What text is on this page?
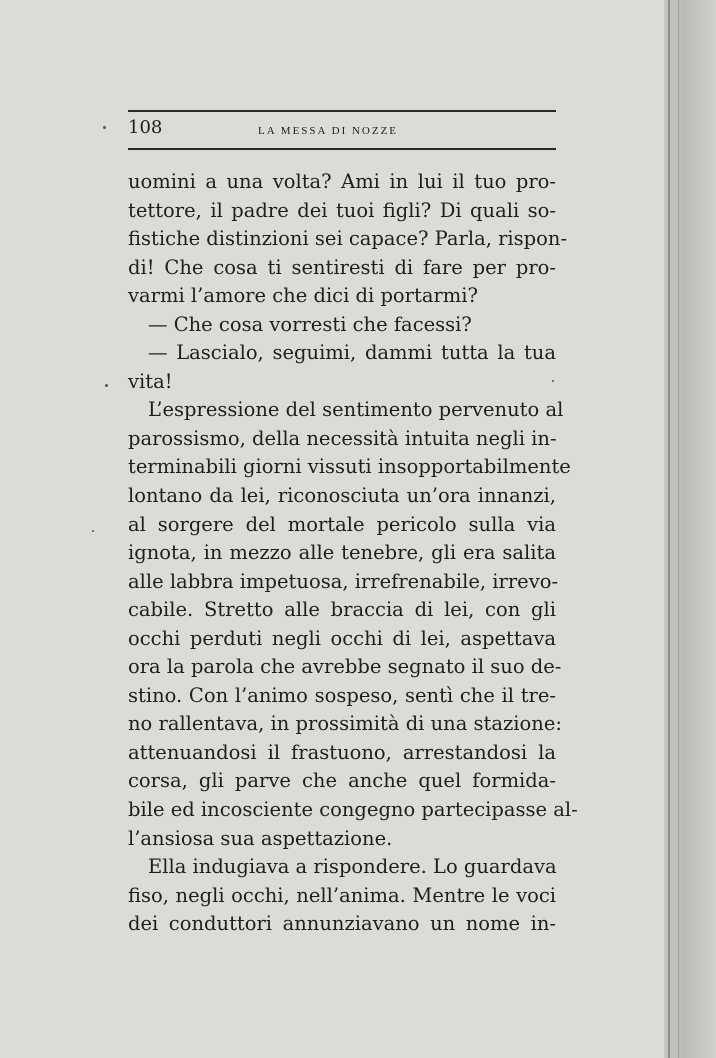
108	LA MESSA DI NOZZE
uomini a una volta? Ami in lui il tuo pro-
tettore, il padre dei tuoi figli? Di quali so-
fistiche distinzioni sei capace? Parla, rispon-
di! Che cosa ti sentiresti di fare per pro-
varmi l’amore che dici di portarmi?
— Che cosa vorresti che facessi?
— Lascialo, seguimi, dammi tutta la tua
vita!
L’espressione del sentimento pervenuto al
parossismo, della necessità intuita negli in-
terminabili giorni vissuti insopportabilmente
lontano da lei, riconosciuta un’ora innanzi,
al sorgere del mortale pericolo sulla via
ignota, in mezzo alle tenebre, gli era salita
alle labbra impetuosa, irrefrenabile, irrevo-
cabile. Stretto alle braccia di lei, con gli
occhi perduti negli occhi di lei, aspettava
ora la parola che avrebbe segnato il suo de-
stino. Con l’animo sospeso, sentì che il tre-
no rallentava, in prossimità di una stazione:
attenuandosi il frastuono, arrestandosi la
corsa, gli parve che anche quel formida-
bile ed incosciente congegno partecipasse al-
l’ansiosa sua aspettazione.
Ella indugiava a rispondere. Lo guardava
fiso, negli occhi, nell’anima. Mentre le voci
dei conduttori annunziavano un nome in-
